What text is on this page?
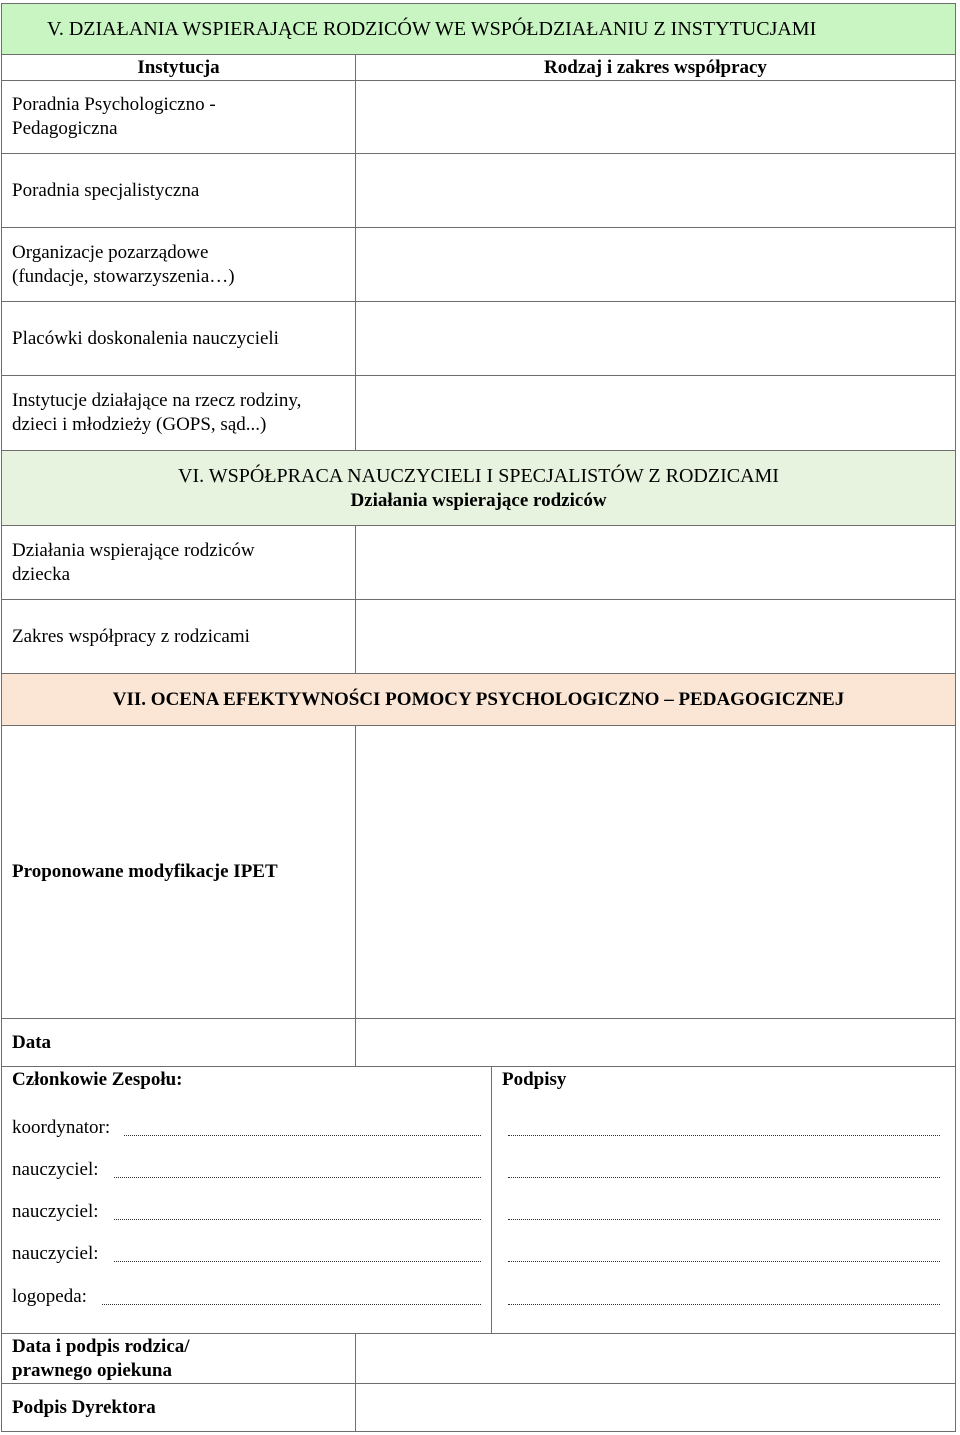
V. DZIAŁANIA WSPIERAJĄCE RODZICÓW WE WSPÓŁDZIAŁANIU Z INSTYTUCJAMI
Instytucja	Rodzaj i zakres współpracy
Poradnia Psychologiczno -
Pedagogiczna
Poradnia specjalistyczna
Organizacje pozarządowe
(fundacje, stowarzyszenia…)
Placówki doskonalenia nauczycieli
Instytucje działające na rzecz rodziny,
dzieci i młodzieży (GOPS, sąd...)
VI. WSPÓŁPRACA NAUCZYCIELI I SPECJALISTÓW Z RODZICAMI
Działania wspierające rodziców
Działania wspierające rodziców
dziecka
Zakres współpracy z rodzicami
VII. OCENA EFEKTYWNOŚCI POMOCY PSYCHOLOGICZNO – PEDAGOGICZNEJ
Proponowane modyfikacje IPET
Data
Członkowie Zespołu:	Podpisy
koordynator:
nauczyciel:
nauczyciel:
nauczyciel:
logopeda:
Data i podpis rodzica/
prawnego opiekuna
Podpis Dyrektora
